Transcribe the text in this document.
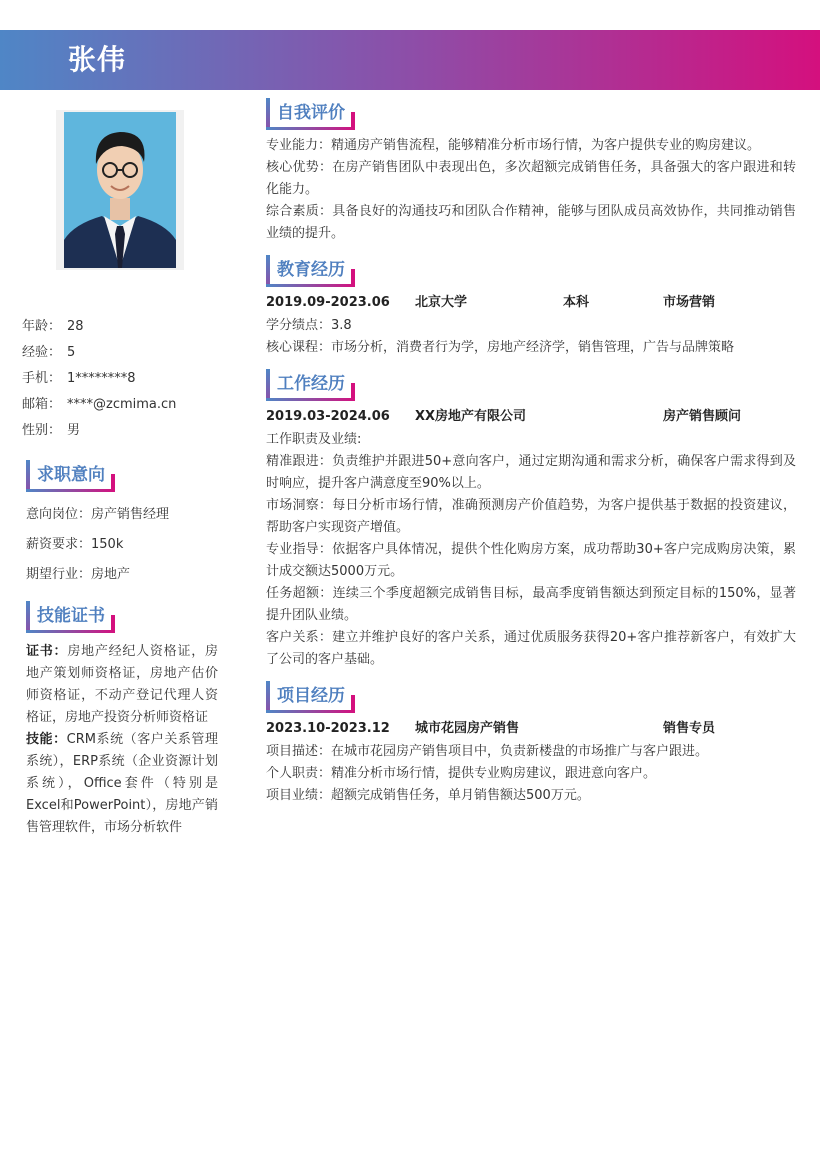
张伟
年龄： 28
经验： 5
手机： 1********8
邮箱： ****@zcmima.cn
性别： 男
求职意向
意向岗位：房产销售经理
薪资要求：150k
期望行业：房地产
技能证书

证书：房地产经纪人资格证，房地产策划师资格证，房地产估价师资格证，不动产登记代理人资格证，房地产投资分析师资格证

技能：CRM系统（客户关系管理系统），ERP系统（企业资源计划系统），Office套件（特别是Excel和PowerPoint），房地产销售管理软件，市场分析软件

自我评价

专业能力：精通房产销售流程，能够精准分析市场行情，为客户提供专业的购房建议。

核心优势：在房产销售团队中表现出色，多次超额完成销售任务，具备强大的客户跟进和转化能力。

综合素质：具备良好的沟通技巧和团队合作精神，能够与团队成员高效协作，共同推动销售业绩的提升。

教育经历
2019.09-2023.06	北京大学	本科	市场营销

学分绩点：3.8

核心课程：市场分析，消费者行为学，房地产经济学，销售管理，广告与品牌策略

工作经历
2019.03-2024.06	XX房地产有限公司	房产销售顾问

工作职责及业绩:

精准跟进：负责维护并跟进50+意向客户，通过定期沟通和需求分析，确保客户需求得到及时响应，提升客户满意度至90%以上。

市场洞察：每日分析市场行情，准确预测房产价值趋势，为客户提供基于数据的投资建议，帮助客户实现资产增值。

专业指导：依据客户具体情况，提供个性化购房方案，成功帮助30+客户完成购房决策，累计成交额达5000万元。

任务超额：连续三个季度超额完成销售目标，最高季度销售额达到预定目标的150%，显著提升团队业绩。

客户关系：建立并维护良好的客户关系，通过优质服务获得20+客户推荐新客户，有效扩大了公司的客户基础。

项目经历
2023.10-2023.12	城市花园房产销售	销售专员

项目描述：在城市花园房产销售项目中，负责新楼盘的市场推广与客户跟进。

个人职责：精准分析市场行情，提供专业购房建议，跟进意向客户。

项目业绩：超额完成销售任务，单月销售额达500万元。
